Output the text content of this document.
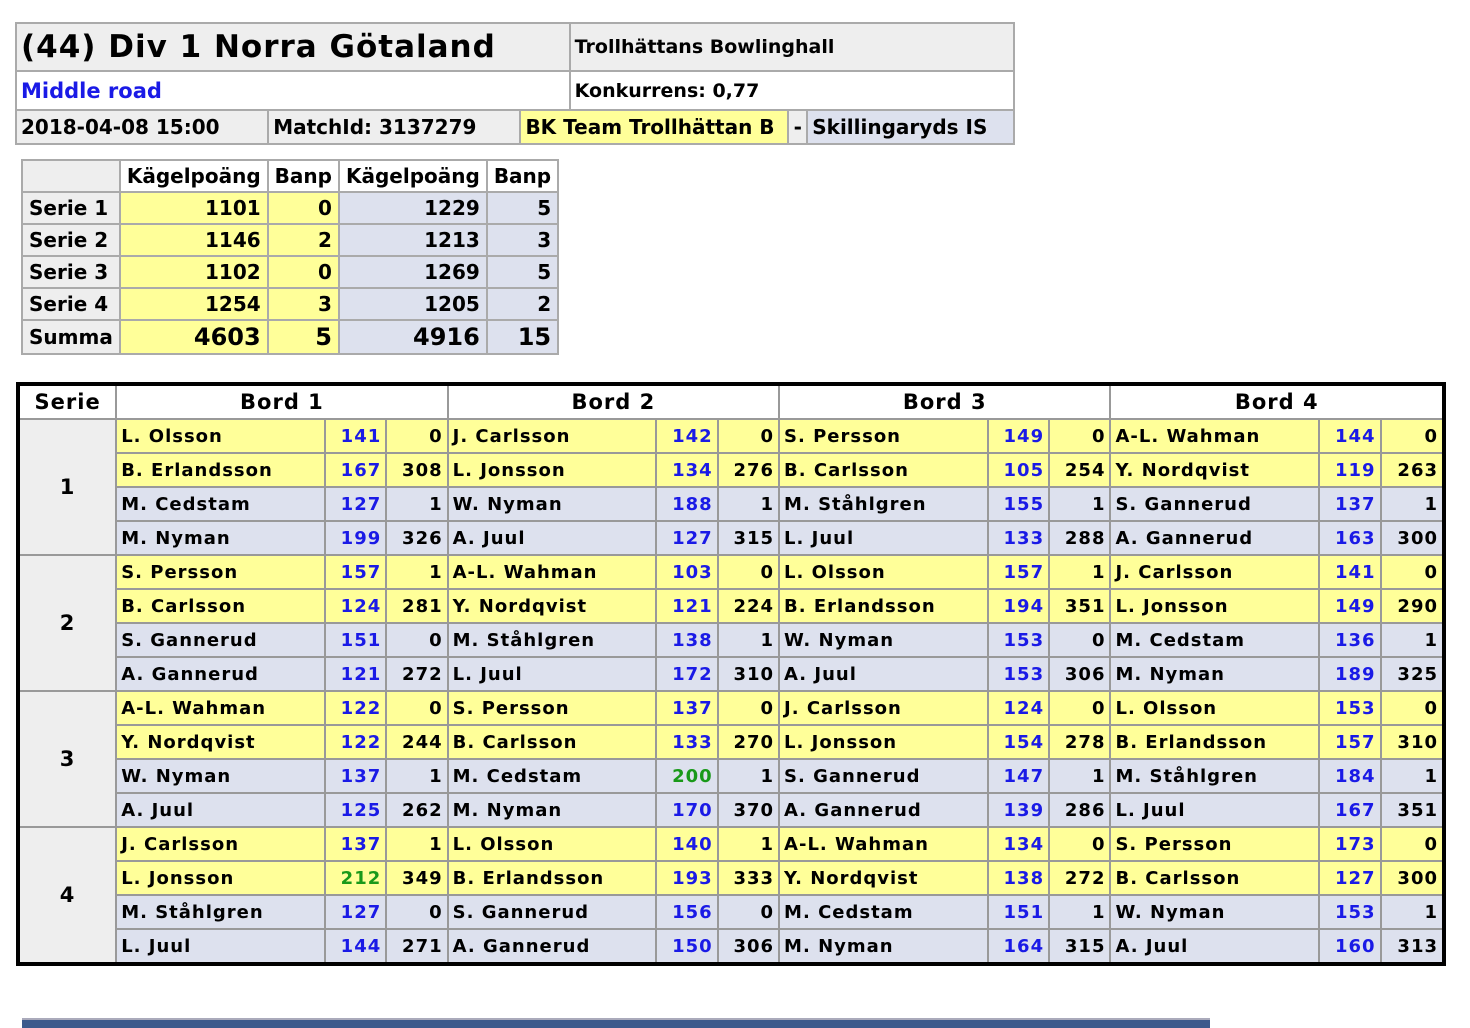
(44) Div 1 Norra Götaland			Trollhättans Bowlinghall		
Middle road			Konkurrens: 0,77		
2018-04-08 15:00	MatchId: 3137279	BK Team Trollhättan B		-	Skillingaryds IS
	Kägelpoäng	Banp	Kägelpoäng	Banp
Serie 1	1101	0	1229	5
Serie 2	1146	2	1213	3
Serie 3	1102	0	1269	5
Serie 4	1254	3	1205	2
Summa	4603	5	4916	15
Serie	Bord 1			Bord 2			Bord 3			Bord 4		
1	L. Olsson	141	0	J. Carlsson	142	0	S. Persson	149	0	A-L. Wahman	144	0
	B. Erlandsson	167	308	L. Jonsson	134	276	B. Carlsson	105	254	Y. Nordqvist	119	263
	M. Cedstam	127	1	W. Nyman	188	1	M. Ståhlgren	155	1	S. Gannerud	137	1
	M. Nyman	199	326	A. Juul	127	315	L. Juul	133	288	A. Gannerud	163	300
2	S. Persson	157	1	A-L. Wahman	103	0	L. Olsson	157	1	J. Carlsson	141	0
	B. Carlsson	124	281	Y. Nordqvist	121	224	B. Erlandsson	194	351	L. Jonsson	149	290
	S. Gannerud	151	0	M. Ståhlgren	138	1	W. Nyman	153	0	M. Cedstam	136	1
	A. Gannerud	121	272	L. Juul	172	310	A. Juul	153	306	M. Nyman	189	325
3	A-L. Wahman	122	0	S. Persson	137	0	J. Carlsson	124	0	L. Olsson	153	0
	Y. Nordqvist	122	244	B. Carlsson	133	270	L. Jonsson	154	278	B. Erlandsson	157	310
	W. Nyman	137	1	M. Cedstam	200	1	S. Gannerud	147	1	M. Ståhlgren	184	1
	A. Juul	125	262	M. Nyman	170	370	A. Gannerud	139	286	L. Juul	167	351
4	J. Carlsson	137	1	L. Olsson	140	1	A-L. Wahman	134	0	S. Persson	173	0
	L. Jonsson	212	349	B. Erlandsson	193	333	Y. Nordqvist	138	272	B. Carlsson	127	300
	M. Ståhlgren	127	0	S. Gannerud	156	0	M. Cedstam	151	1	W. Nyman	153	1
	L. Juul	144	271	A. Gannerud	150	306	M. Nyman	164	315	A. Juul	160	313
